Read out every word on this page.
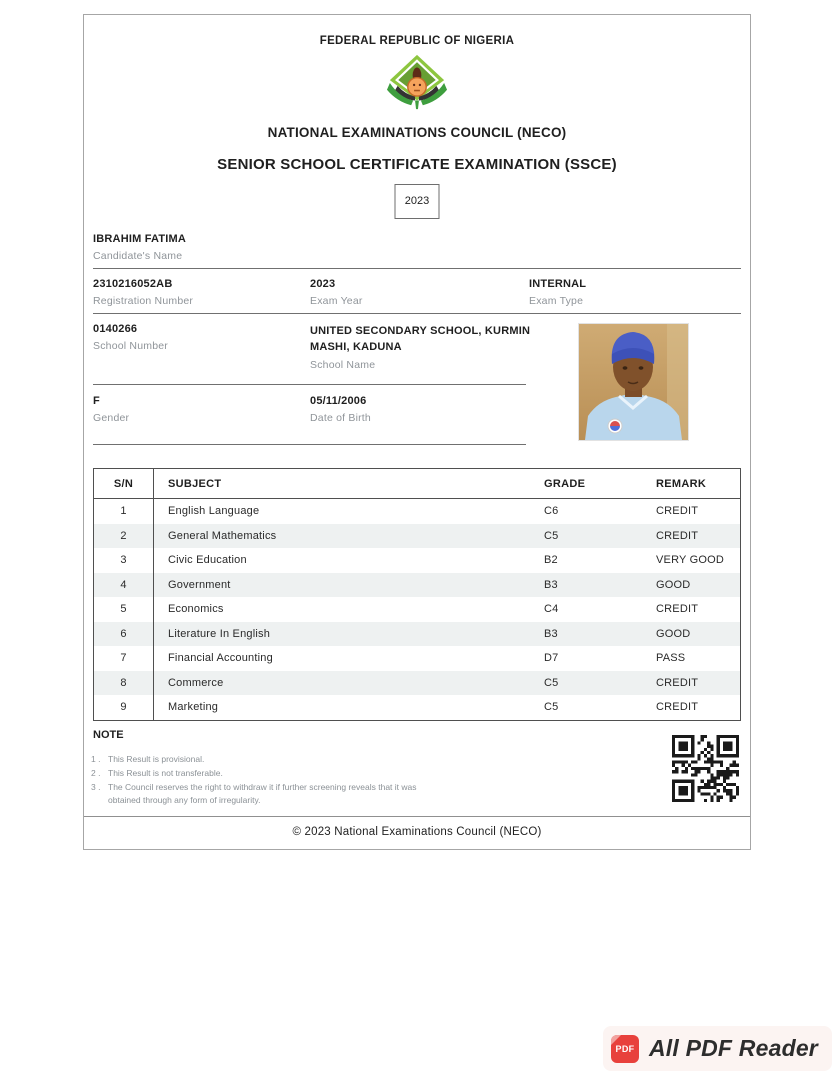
FEDERAL REPUBLIC OF NIGERIA
NATIONAL EXAMINATIONS COUNCIL (NECO)
SENIOR SCHOOL CERTIFICATE EXAMINATION (SSCE)
2023
IBRAHIM FATIMA
Candidate's Name
2310216052AB
Registration Number
2023
Exam Year
INTERNAL
Exam Type
0140266
School Number
UNITED SECONDARY SCHOOL, KURMIN MASHI, KADUNA
School Name
F
Gender
05/11/2006
Date of Birth
S/N	SUBJECT	GRADE	REMARK
1	English Language	C6	CREDIT
2	General Mathematics	C5	CREDIT
3	Civic Education	B2	VERY GOOD
4	Government	B3	GOOD
5	Economics	C4	CREDIT
6	Literature In English	B3	GOOD
7	Financial Accounting	D7	PASS
8	Commerce	C5	CREDIT
9	Marketing	C5	CREDIT
NOTE
1 . This Result is provisional.
2 . This Result is not transferable.
3 . The Council reserves the right to withdraw it if further screening reveals that it was obtained through any form of irregularity.
© 2023 National Examinations Council (NECO)
PDF All PDF Reader
